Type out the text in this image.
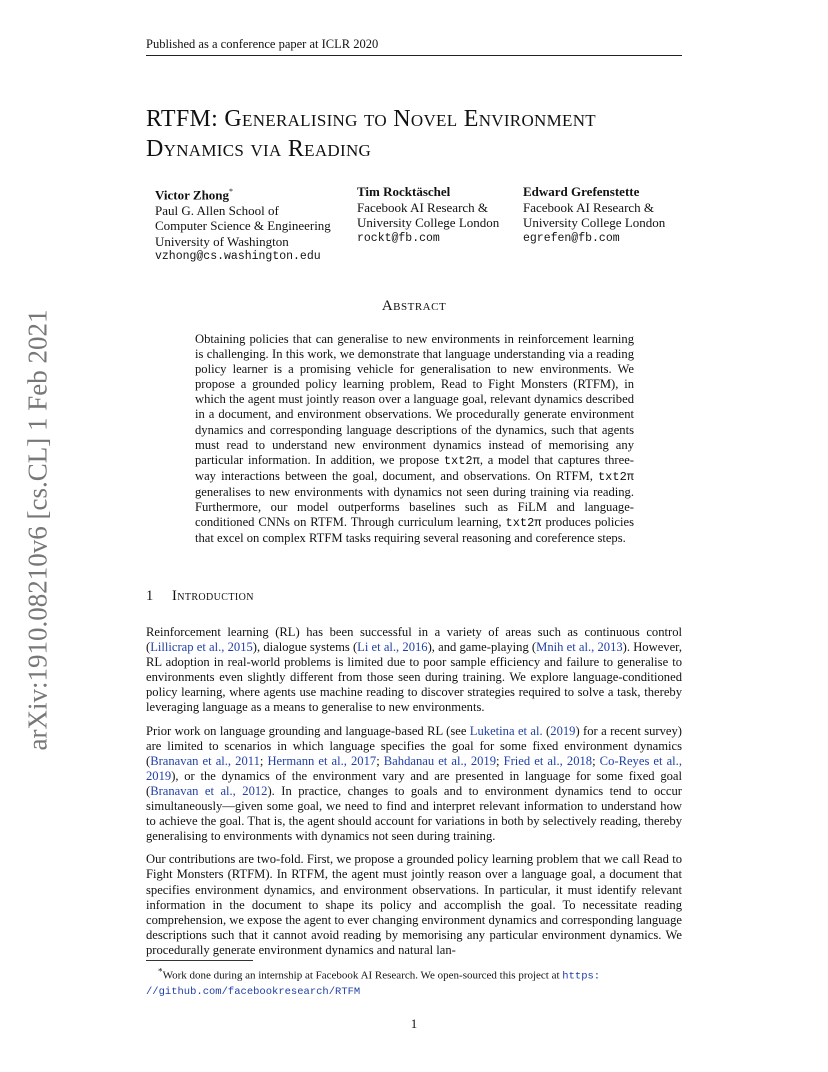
Published as a conference paper at ICLR 2020
arXiv:1910.08210v6 [cs.CL] 1 Feb 2021
RTFM: Generalising to Novel Environment
Dynamics via Reading
Victor Zhong*
Paul G. Allen School of
Computer Science & Engineering
University of Washington
vzhong@cs.washington.edu
Tim Rocktäschel
Facebook AI Research &
University College London
rockt@fb.com
Edward Grefenstette
Facebook AI Research &
University College London
egrefen@fb.com
Abstract

Obtaining policies that can generalise to new environments in reinforcement learning is challenging. In this work, we demonstrate that language understanding via a reading policy learner is a promising vehicle for generalisation to new environments. We propose a grounded policy learning problem, Read to Fight Monsters (RTFM), in which the agent must jointly reason over a language goal, relevant dynamics described in a document, and environment observations. We procedurally generate environment dynamics and corresponding language descriptions of the dynamics, such that agents must read to understand new environment dynamics instead of memorising any particular information. In addition, we propose txt2π, a model that captures three-way interactions between the goal, document, and observations. On RTFM, txt2π generalises to new environments with dynamics not seen during training via reading. Furthermore, our model outperforms baselines such as FiLM and language-conditioned CNNs on RTFM. Through curriculum learning, txt2π produces policies that excel on complex RTFM tasks requiring several reasoning and coreference steps.

1 Introduction

Reinforcement learning (RL) has been successful in a variety of areas such as continuous control (Lillicrap et al., 2015), dialogue systems (Li et al., 2016), and game-playing (Mnih et al., 2013). However, RL adoption in real-world problems is limited due to poor sample efficiency and failure to generalise to environments even slightly different from those seen during training. We explore language-conditioned policy learning, where agents use machine reading to discover strategies required to solve a task, thereby leveraging language as a means to generalise to new environments.

Prior work on language grounding and language-based RL (see Luketina et al. (2019) for a recent survey) are limited to scenarios in which language specifies the goal for some fixed environment dynamics (Branavan et al., 2011; Hermann et al., 2017; Bahdanau et al., 2019; Fried et al., 2018; Co-Reyes et al., 2019), or the dynamics of the environment vary and are presented in language for some fixed goal (Branavan et al., 2012). In practice, changes to goals and to environment dynamics tend to occur simultaneously—given some goal, we need to find and interpret relevant information to understand how to achieve the goal. That is, the agent should account for variations in both by selectively reading, thereby generalising to environments with dynamics not seen during training.

Our contributions are two-fold. First, we propose a grounded policy learning problem that we call Read to Fight Monsters (RTFM). In RTFM, the agent must jointly reason over a language goal, a document that specifies environment dynamics, and environment observations. In particular, it must identify relevant information in the document to shape its policy and accomplish the goal. To necessitate reading comprehension, we expose the agent to ever changing environment dynamics and corresponding language descriptions such that it cannot avoid reading by memorising any particular environment dynamics. We procedurally generate environment dynamics and natural lan-

*Work done during an internship at Facebook AI Research. We open-sourced this project at https:
//github.com/facebookresearch/RTFM
1
